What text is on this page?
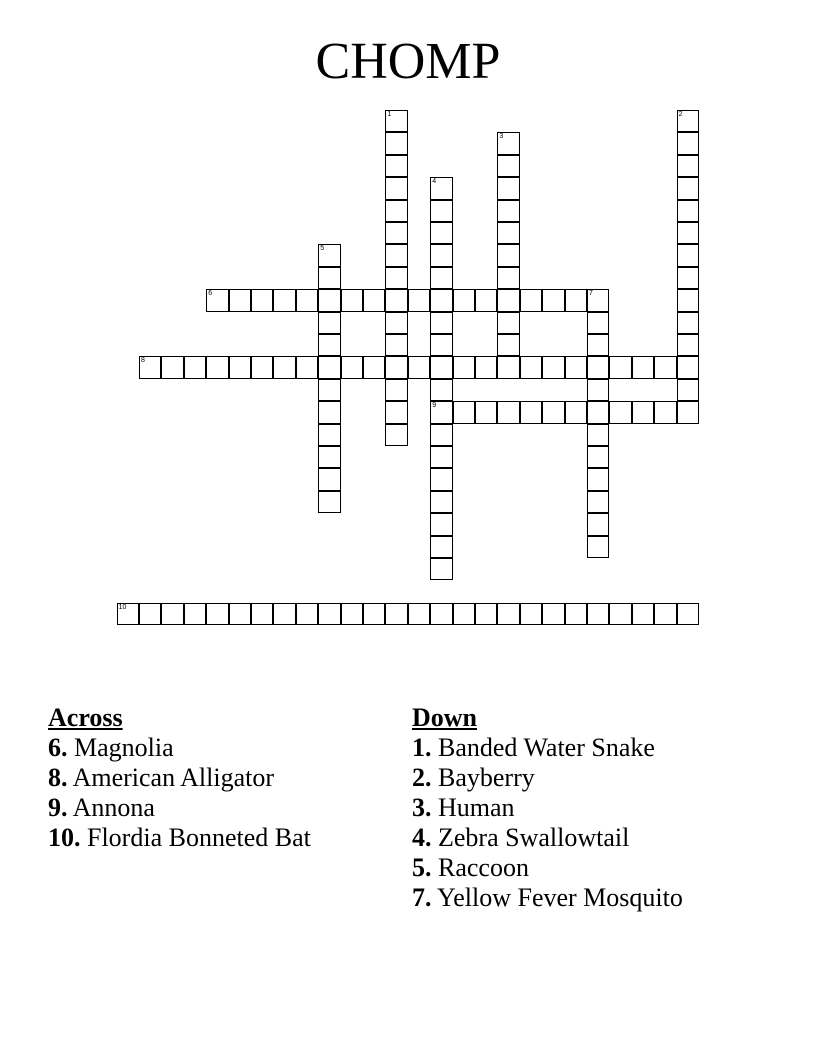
CHOMP
1	2
3
4
9
5
6	7
8
10
Across
6. Magnolia
8. American Alligator
9. Annona
10. Flordia Bonneted Bat
Down
1. Banded Water Snake
2. Bayberry
3. Human
4. Zebra Swallowtail
5. Raccoon
7. Yellow Fever Mosquito
